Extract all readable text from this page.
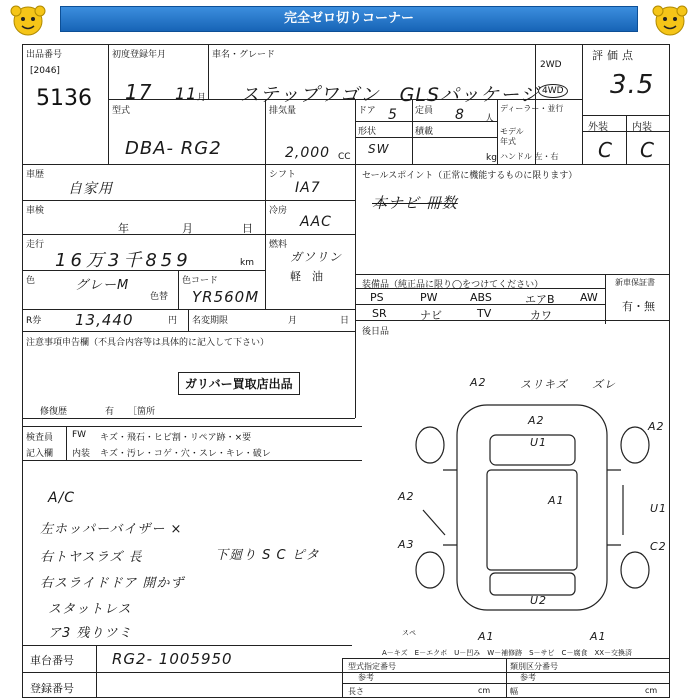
完全ゼロ切りコーナー
出品番号
[2046]
5136
初度登録年月
17 11 月
車名・グレード
ステップワゴン　GLSパッケージ
2WD
4WD
評価点
3.5
外装 内装
C C
型式
DBA- RG2
排気量
2,000 CC
ドア 5 定員 8 人
形状
SW
積載
kg
ディーラー・並行
モデル
年式
ハンドル 左・右
車歴
自家用
車検
年	月	日
走行
16万3千859	km
色	グレーM
色替
色コード
YR560M
シフト
IA7
冷房
AAC
燃料
ガソリン
軽　油
R券 13,440	円 名変期限	月	日
セールスポイント（正常に機能するものに限ります）
本ナビ 冊数
装備品（純正品に限り◯をつけてください）	新車保証書
有・無
PS	PW	ABS	エアB AW
SR	ナビ	TV	カワ
後日品
注意事項申告欄（不具合内容等は具体的に記入して下さい）
ガリバー買取店出品
修復歴	有 ［箇所
検査員
記入欄
FW キズ・飛石・ヒビ割・リペア跡・×要
内装 キズ・汚レ・コゲ・穴・スレ・キレ・破レ
A/C
左ホッパーバイザー ×
右トヤスラズ 長
右スライドドア 開かず
スタットレス
ア3 残りツミ
下廻り S C ピタ
A2	スリキズ ズレ
A2
U1
A2
A2	A1
U1
A3	C2
U2
A1	A1
スペ
A－キズ　E－エクボ　U－凹み　W－補修跡　S－サビ　C－腐食　XX－交換済
車台番号	RG2- 1005950
登録番号
型式指定番号
参考
類別区分番号
参考
長さ	cm 幅	cm
